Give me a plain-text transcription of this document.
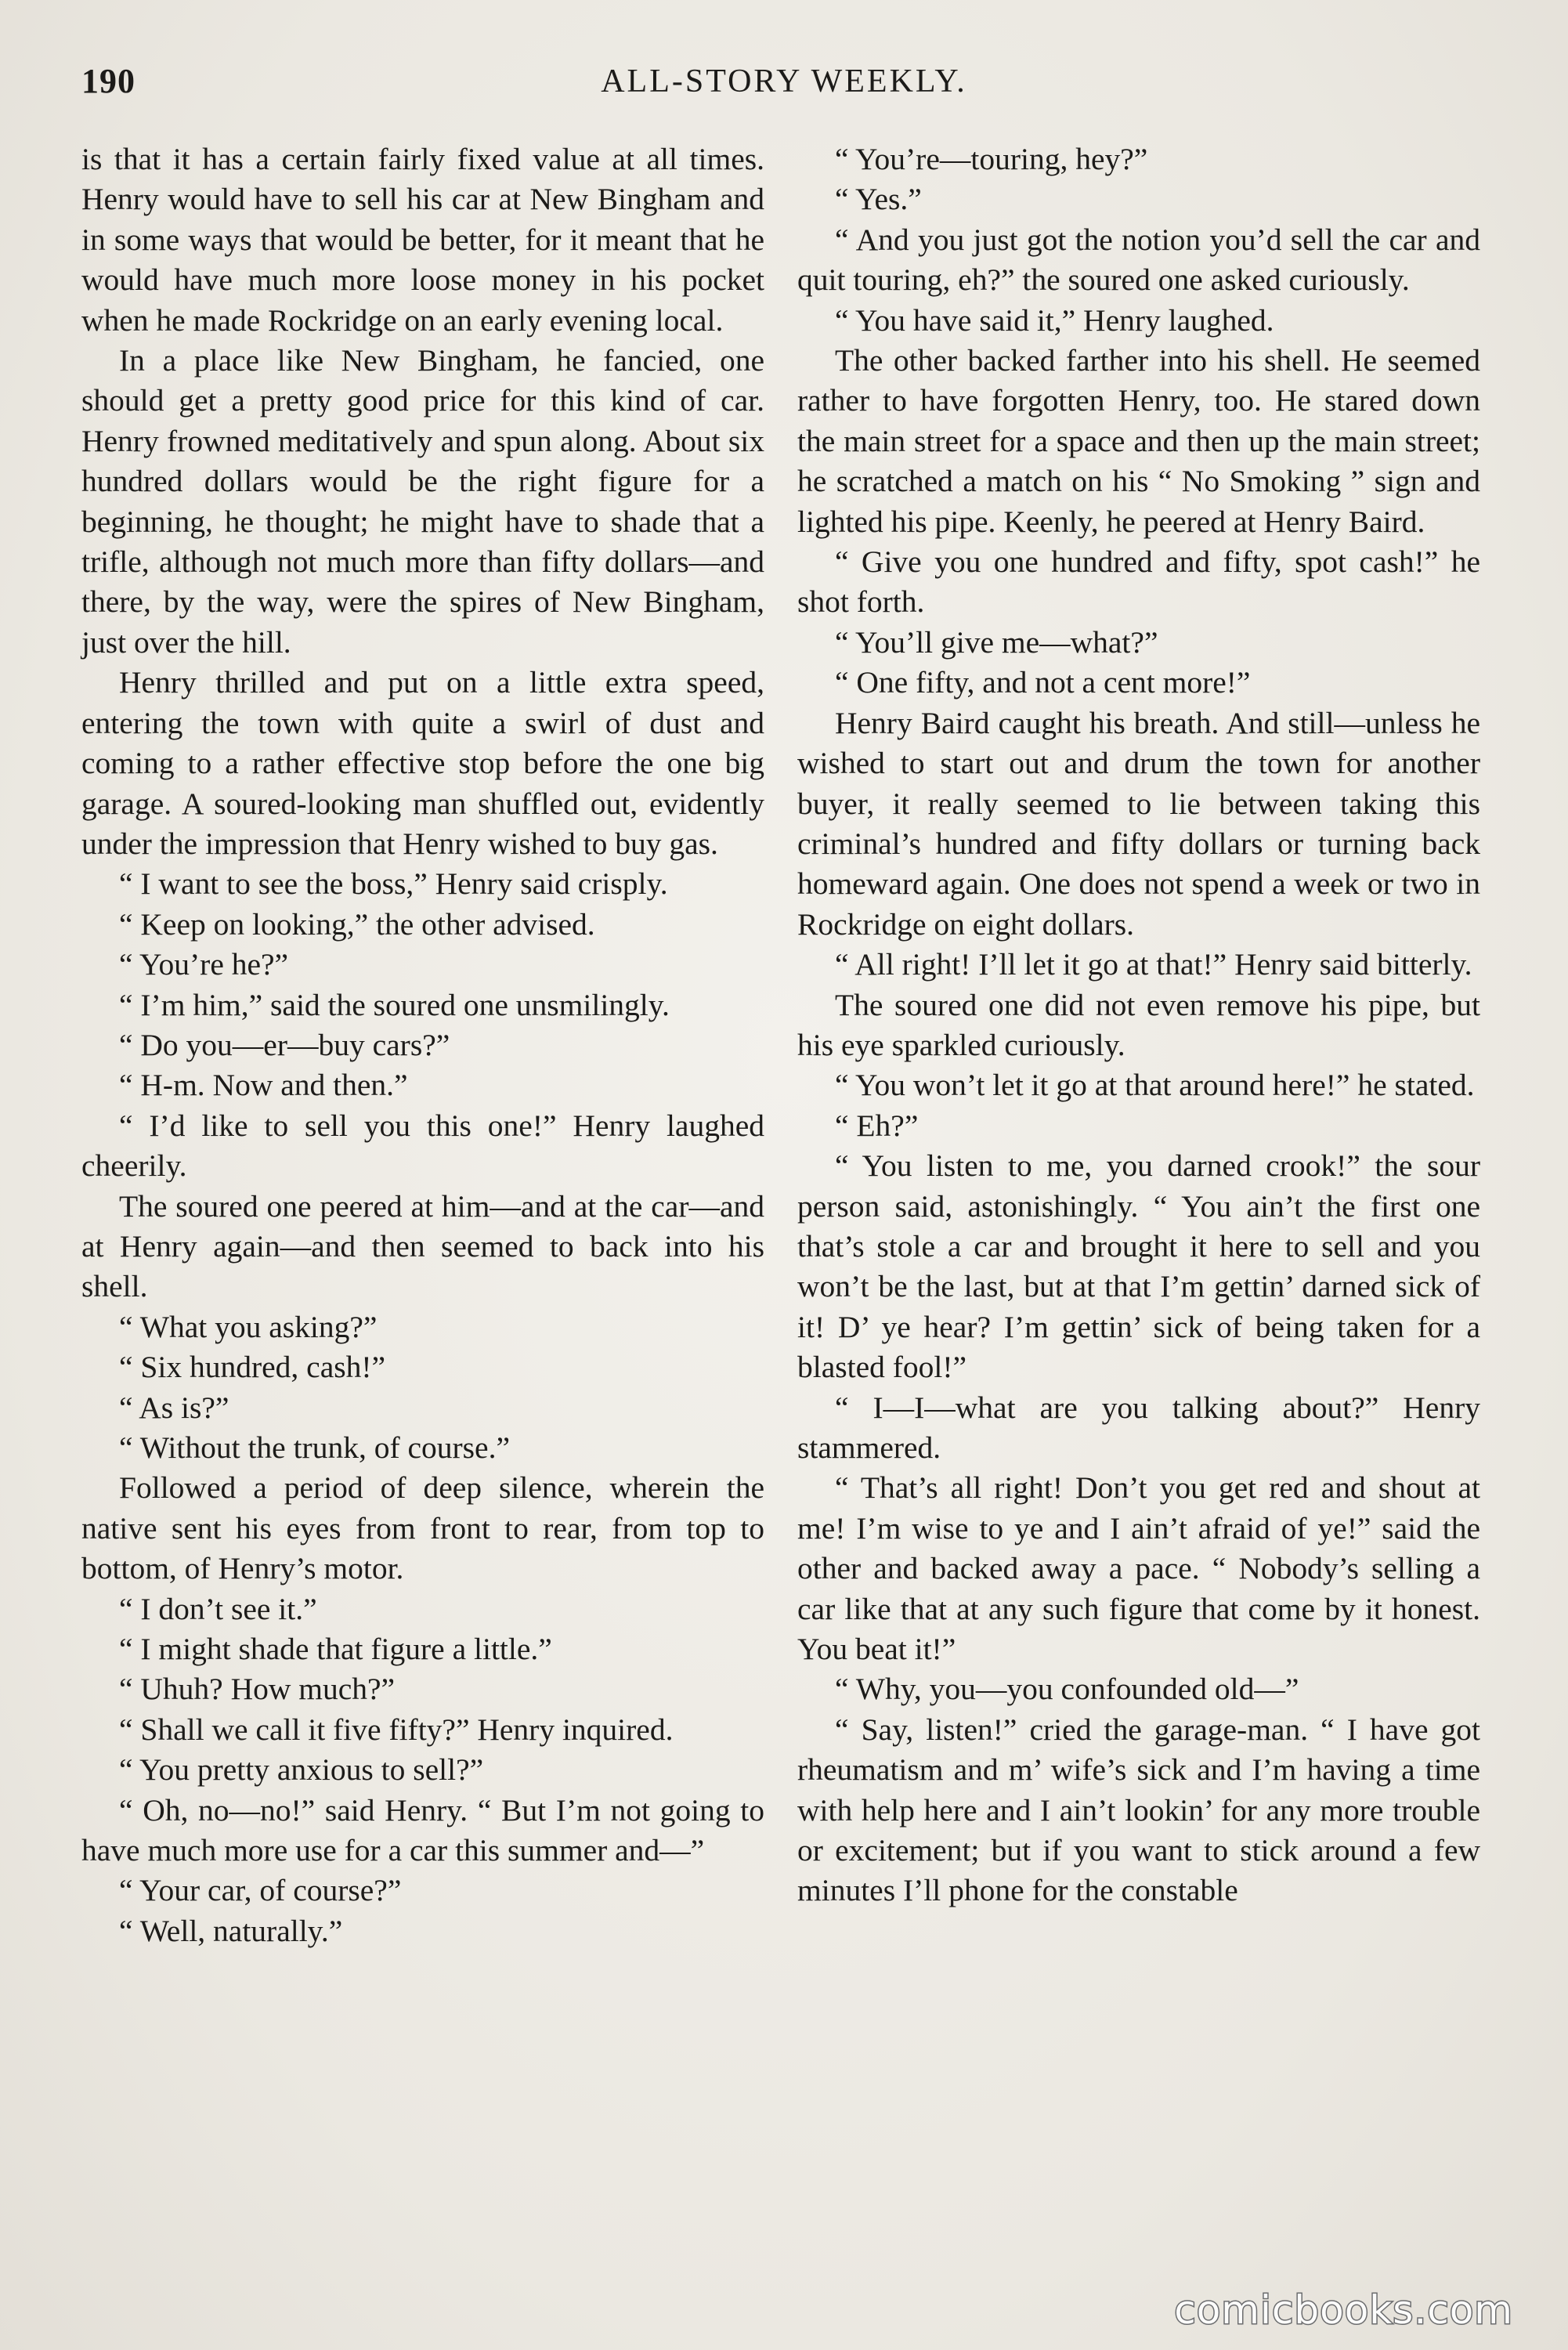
190	ALL-STORY WEEKLY.

is that it has a certain fairly fixed value at all times. Henry would have to sell his car at New Bingham and in some ways that would be better, for it meant that he would have much more loose money in his pocket when he made Rockridge on an early evening local.

In a place like New Bingham, he fancied, one should get a pretty good price for this kind of car. Henry frowned meditatively and spun along. About six hundred dollars would be the right figure for a beginning, he thought; he might have to shade that a trifle, although not much more than fifty dollars—and there, by the way, were the spires of New Bingham, just over the hill.

Henry thrilled and put on a little extra speed, entering the town with quite a swirl of dust and coming to a rather effective stop before the one big garage. A soured-looking man shuffled out, evidently under the impression that Henry wished to buy gas.

“ I want to see the boss,” Henry said crisply.

“ Keep on looking,” the other advised.

“ You’re he?”

“ I’m him,” said the soured one unsmilingly.

“ Do you—er—buy cars?”

“ H-m. Now and then.”

“ I’d like to sell you this one!” Henry laughed cheerily.

The soured one peered at him—and at the car—and at Henry again—and then seemed to back into his shell.

“ What you asking?”

“ Six hundred, cash!”

“ As is?”

“ Without the trunk, of course.”

Followed a period of deep silence, wherein the native sent his eyes from front to rear, from top to bottom, of Henry’s motor.

“ I don’t see it.”

“ I might shade that figure a little.”

“ Uhuh? How much?”

“ Shall we call it five fifty?” Henry inquired.

“ You pretty anxious to sell?”

“ Oh, no—no!” said Henry. “ But I’m not going to have much more use for a car this summer and—”

“ Your car, of course?”

“ Well, naturally.”

“ You’re—touring, hey?”

“ Yes.”

“ And you just got the notion you’d sell the car and quit touring, eh?” the soured one asked curiously.

“ You have said it,” Henry laughed.

The other backed farther into his shell. He seemed rather to have forgotten Henry, too. He stared down the main street for a space and then up the main street; he scratched a match on his “ No Smoking ” sign and lighted his pipe. Keenly, he peered at Henry Baird.

“ Give you one hundred and fifty, spot cash!” he shot forth.

“ You’ll give me—what?”

“ One fifty, and not a cent more!”

Henry Baird caught his breath. And still—unless he wished to start out and drum the town for another buyer, it really seemed to lie between taking this criminal’s hundred and fifty dollars or turning back homeward again. One does not spend a week or two in Rockridge on eight dollars.

“ All right! I’ll let it go at that!” Henry said bitterly.

The soured one did not even remove his pipe, but his eye sparkled curiously.

“ You won’t let it go at that around here!” he stated.

“ Eh?”

“ You listen to me, you darned crook!” the sour person said, astonishingly. “ You ain’t the first one that’s stole a car and brought it here to sell and you won’t be the last, but at that I’m gettin’ darned sick of it! D’ ye hear? I’m gettin’ sick of being taken for a blasted fool!”

“ I—I—what are you talking about?” Henry stammered.

“ That’s all right! Don’t you get red and shout at me! I’m wise to ye and I ain’t afraid of ye!” said the other and backed away a pace. “ Nobody’s selling a car like that at any such figure that come by it honest. You beat it!”

“ Why, you—you confounded old—”

“ Say, listen!” cried the garage-man. “ I have got rheumatism and m’ wife’s sick and I’m having a time with help here and I ain’t lookin’ for any more trouble or excitement; but if you want to stick around a few minutes I’ll phone for the constable

comicbooks.com
